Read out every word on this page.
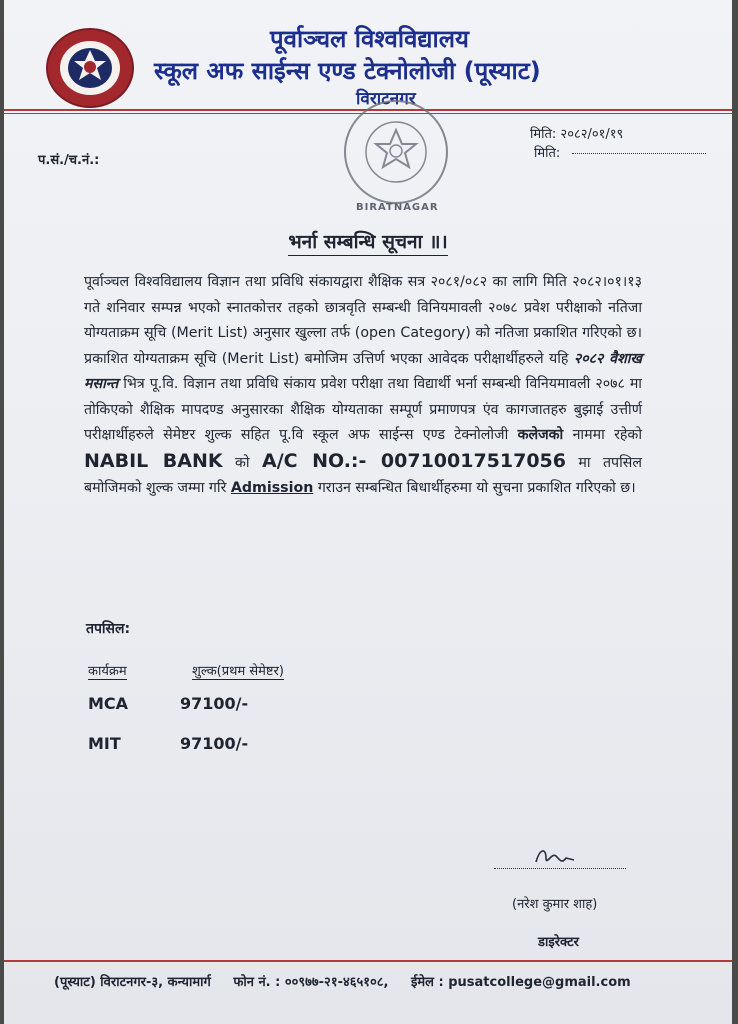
पूर्वाञ्चल विश्वविद्यालय
स्कूल अफ साईन्स एण्ड टेक्नोलोजी (पूस्याट)
विराटनगर
BIRATNAGAR
प.सं./च.नं.:
मिति: २०८२/०१/१९
मिति:
भर्ना सम्बन्धि सूचना ॥।

पूर्वाञ्चल विश्वविद्यालय विज्ञान तथा प्रविधि संकायद्वारा शैक्षिक सत्र २०८१/०८२ का लागि मिति २०८२।०१।१३ गते शनिवार सम्पन्न भएको स्नातकोत्तर तहको छात्रवृति सम्बन्धी विनियमावली २०७८ प्रवेश परीक्षाको नतिजा योग्यताक्रम सूचि (Merit List) अनुसार खुल्ला तर्फ (open Category) को नतिजा प्रकाशित गरिएको छ। प्रकाशित योग्यताक्रम सूचि (Merit List) बमोजिम उत्तिर्ण भएका आवेदक परीक्षार्थीहरुले यहि २०८२ वैशाख मसान्त भित्र पू.वि. विज्ञान तथा प्रविधि संकाय प्रवेश परीक्षा तथा विद्यार्थी भर्ना सम्बन्धी विनियमावली २०७८ मा तोकिएको शैक्षिक मापदण्ड अनुसारका शैक्षिक योग्यताका सम्पूर्ण प्रमाणपत्र एंव कागजातहरु बुझाई उत्तीर्ण परीक्षार्थीहरुले सेमेष्टर शुल्क सहित पू.वि स्कूल अफ साईन्स एण्ड टेक्नोलोजी कलेजको नाममा रहेको NABIL BANK को A/C NO.:- 00710017517056 मा तपसिल बमोजिमको शुल्क जम्मा गरि Admission गराउन सम्बन्धित बिधार्थीहरुमा यो सुचना प्रकाशित गरिएको छ।

तपसिल:
कार्यक्रम	शुल्क(प्रथम सेमेष्टर)
MCA	97100/-
MIT	97100/-
(नरेश कुमार शाह)
डाइरेक्टर
(पूस्याट) विराटनगर-३, कन्यामार्ग फोन नं. : ००९७७-२१-४६५१०८, ईमेल : pusatcollege@gmail.com
